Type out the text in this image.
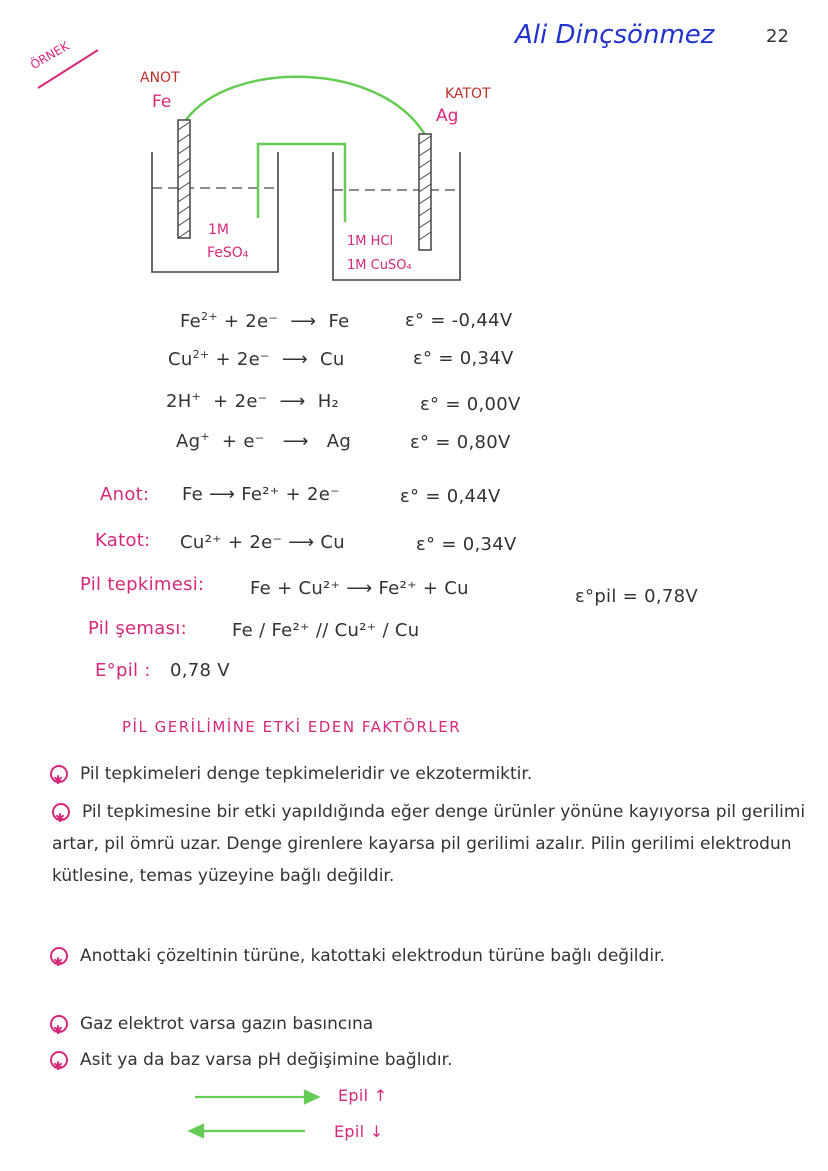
Ali Dinçsönmez	22
ÖRNEK
ANOT
Fe	KATOT
Ag
1M
FeSO₄
1M HCl
1M CuSO₄
$Fe^{2+} + 2e^-$  ⟶  Fe	ε° = -0,44V
$Cu^{2+} + 2e^-$  ⟶  Cu	ε° = 0,34V
2H+ + 2e⁻  ⟶  H₂	ε° = 0,00V
Ag+ + e⁻   ⟶   Ag	ε° = 0,80V
Anot: Fe ⟶ Fe²⁺ + 2e⁻	ε° = 0,44V
Katot: Cu²⁺ + 2e⁻ ⟶ Cu	ε° = 0,34V
Pil tepkimesi:	Fe + Cu²⁺ ⟶ Fe²⁺ + Cu	ε°pil = 0,78V
Pil şeması:	Fe / Fe²⁺ // Cu²⁺ / Cu
E°pil : 0,78 V
PİL GERİLİMİNE ETKİ EDEN FAKTÖRLER
✱Pil tepkimeleri denge tepkimeleridir ve ekzotermiktir.
✱Pil tepkimesine bir etki yapıldığında eğer denge ürünler yönüne kayıyorsa pil gerilimi artar, pil ömrü uzar. Denge girenlere kayarsa pil gerilimi azalır. Pilin gerilimi elektrodun kütlesine, temas yüzeyine bağlı değildir.
✱Anottaki çözeltinin türüne, katottaki elektrodun türüne bağlı değildir.
✱Gaz elektrot varsa gazın basıncına
✱Asit ya da baz varsa pH değişimine bağlıdır.
Epil ↑
Epil ↓
